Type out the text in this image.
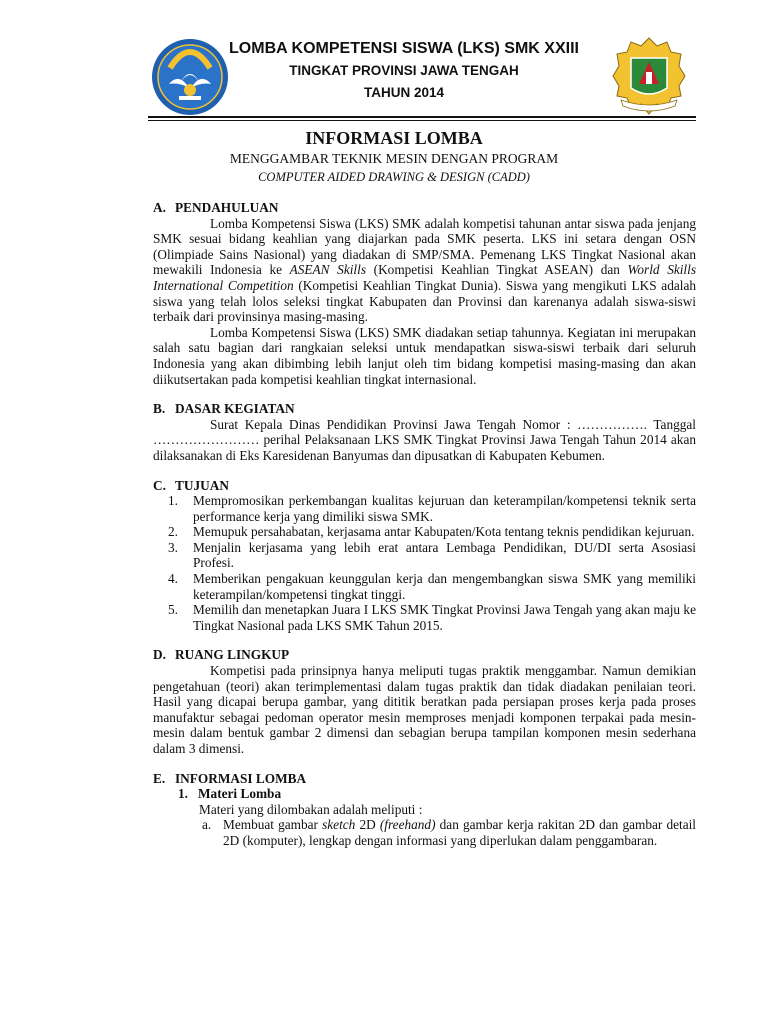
LOMBA KOMPETENSI SISWA (LKS) SMK XXIII
TINGKAT PROVINSI JAWA TENGAH
TAHUN 2014
INFORMASI LOMBA
MENGGAMBAR TEKNIK MESIN DENGAN PROGRAM
COMPUTER AIDED DRAWING & DESIGN (CADD)
A. PENDAHULUAN
Lomba Kompetensi Siswa (LKS) SMK adalah kompetisi tahunan antar siswa pada jenjang SMK sesuai bidang keahlian yang diajarkan pada SMK peserta. LKS ini setara dengan OSN (Olimpiade Sains Nasional) yang diadakan di SMP/SMA. Pemenang LKS Tingkat Nasional akan mewakili Indonesia ke ASEAN Skills (Kompetisi Keahlian Tingkat ASEAN) dan World Skills International Competition (Kompetisi Keahlian Tingkat Dunia). Siswa yang mengikuti LKS adalah siswa yang telah lolos seleksi tingkat Kabupaten dan Provinsi dan karenanya adalah siswa-siswi terbaik dari provinsinya masing-masing.
Lomba Kompetensi Siswa (LKS) SMK diadakan setiap tahunnya. Kegiatan ini merupakan salah satu bagian dari rangkaian seleksi untuk mendapatkan siswa-siswi terbaik dari seluruh Indonesia yang akan dibimbing lebih lanjut oleh tim bidang kompetisi masing-masing dan akan diikutsertakan pada kompetisi keahlian tingkat internasional.
B. DASAR KEGIATAN
Surat Kepala Dinas Pendidikan Provinsi Jawa Tengah Nomor : ……………. Tanggal …………………… perihal Pelaksanaan LKS SMK Tingkat Provinsi Jawa Tengah Tahun 2014 akan dilaksanakan di Eks Karesidenan Banyumas dan dipusatkan di Kabupaten Kebumen.
C. TUJUAN
1. Mempromosikan perkembangan kualitas kejuruan dan keterampilan/kompetensi teknik serta performance kerja yang dimiliki siswa SMK.
2. Memupuk persahabatan, kerjasama antar Kabupaten/Kota tentang teknis pendidikan kejuruan.
3. Menjalin kerjasama yang lebih erat antara Lembaga Pendidikan, DU/DI serta Asosiasi Profesi.
4. Memberikan pengakuan keunggulan kerja dan mengembangkan siswa SMK yang memiliki keterampilan/kompetensi tingkat tinggi.
5. Memilih dan menetapkan Juara I LKS SMK Tingkat Provinsi Jawa Tengah yang akan maju ke Tingkat Nasional pada LKS SMK Tahun 2015.
D. RUANG LINGKUP
Kompetisi pada prinsipnya hanya meliputi tugas praktik menggambar. Namun demikian pengetahuan (teori) akan terimplementasi dalam tugas praktik dan tidak diadakan penilaian teori. Hasil yang dicapai berupa gambar, yang dititik beratkan pada persiapan proses kerja pada proses manufaktur sebagai pedoman operator mesin memproses menjadi komponen terpakai pada mesin-mesin dalam bentuk gambar 2 dimensi dan sebagian berupa tampilan komponen mesin sederhana dalam 3 dimensi.
E. INFORMASI LOMBA
1. Materi Lomba
Materi yang dilombakan adalah meliputi :
a. Membuat gambar sketch 2D (freehand) dan gambar kerja rakitan 2D dan gambar detail 2D (komputer), lengkap dengan informasi yang diperlukan dalam penggambaran.
